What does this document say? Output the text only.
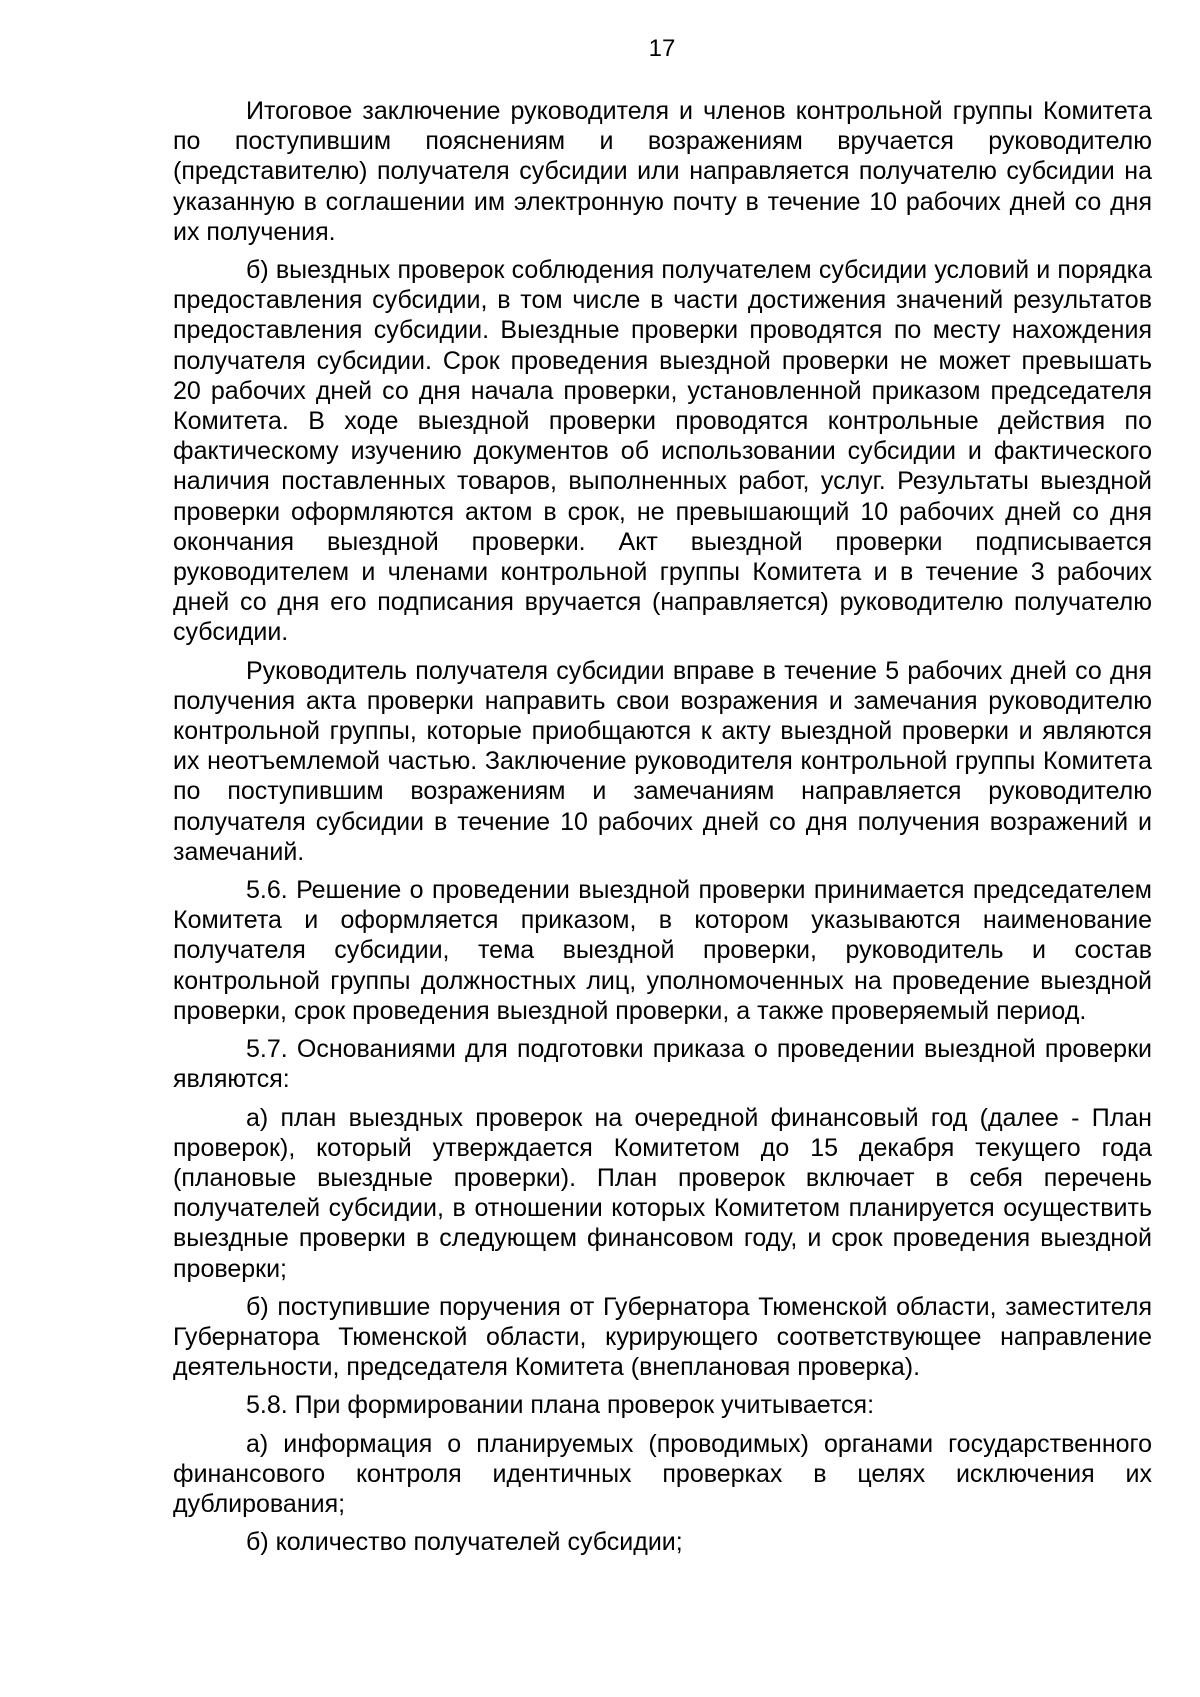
17

Итоговое заключение руководителя и членов контрольной группы Комитета по поступившим пояснениям и возражениям вручается руководителю (представителю) получателя субсидии или направляется получателю субсидии на указанную в соглашении им электронную почту в течение 10 рабочих дней со дня их получения.

б) выездных проверок соблюдения получателем субсидии условий и порядка предоставления субсидии, в том числе в части достижения значений результатов предоставления субсидии. Выездные проверки проводятся по месту нахождения получателя субсидии. Срок проведения выездной проверки не может превышать 20 рабочих дней со дня начала проверки, установленной приказом председателя Комитета. В ходе выездной проверки проводятся контрольные действия по фактическому изучению документов об использовании субсидии и фактического наличия поставленных товаров, выполненных работ, услуг. Результаты выездной проверки оформляются актом в срок, не превышающий 10 рабочих дней со дня окончания выездной проверки. Акт выездной проверки подписывается руководителем и членами контрольной группы Комитета и в течение 3 рабочих дней со дня его подписания вручается (направляется) руководителю получателю субсидии.

Руководитель получателя субсидии вправе в течение 5 рабочих дней со дня получения акта проверки направить свои возражения и замечания руководителю контрольной группы, которые приобщаются к акту выездной проверки и являются их неотъемлемой частью. Заключение руководителя контрольной группы Комитета по поступившим возражениям и замечаниям направляется руководителю получателя субсидии в течение 10 рабочих дней со дня получения возражений и замечаний.

5.6. Решение о проведении выездной проверки принимается председателем Комитета и оформляется приказом, в котором указываются наименование получателя субсидии, тема выездной проверки, руководитель и состав контрольной группы должностных лиц, уполномоченных на проведение выездной проверки, срок проведения выездной проверки, а также проверяемый период.

5.7. Основаниями для подготовки приказа о проведении выездной проверки являются:

а) план выездных проверок на очередной финансовый год (далее - План проверок), который утверждается Комитетом до 15 декабря текущего года (плановые выездные проверки). План проверок включает в себя перечень получателей субсидии, в отношении которых Комитетом планируется осуществить выездные проверки в следующем финансовом году, и срок проведения выездной проверки;

б) поступившие поручения от Губернатора Тюменской области, заместителя Губернатора Тюменской области, курирующего соответствующее направление деятельности, председателя Комитета (внеплановая проверка).

5.8. При формировании плана проверок учитывается:

а) информация о планируемых (проводимых) органами государственного финансового контроля идентичных проверках в целях исключения их дублирования;

б) количество получателей субсидии;
